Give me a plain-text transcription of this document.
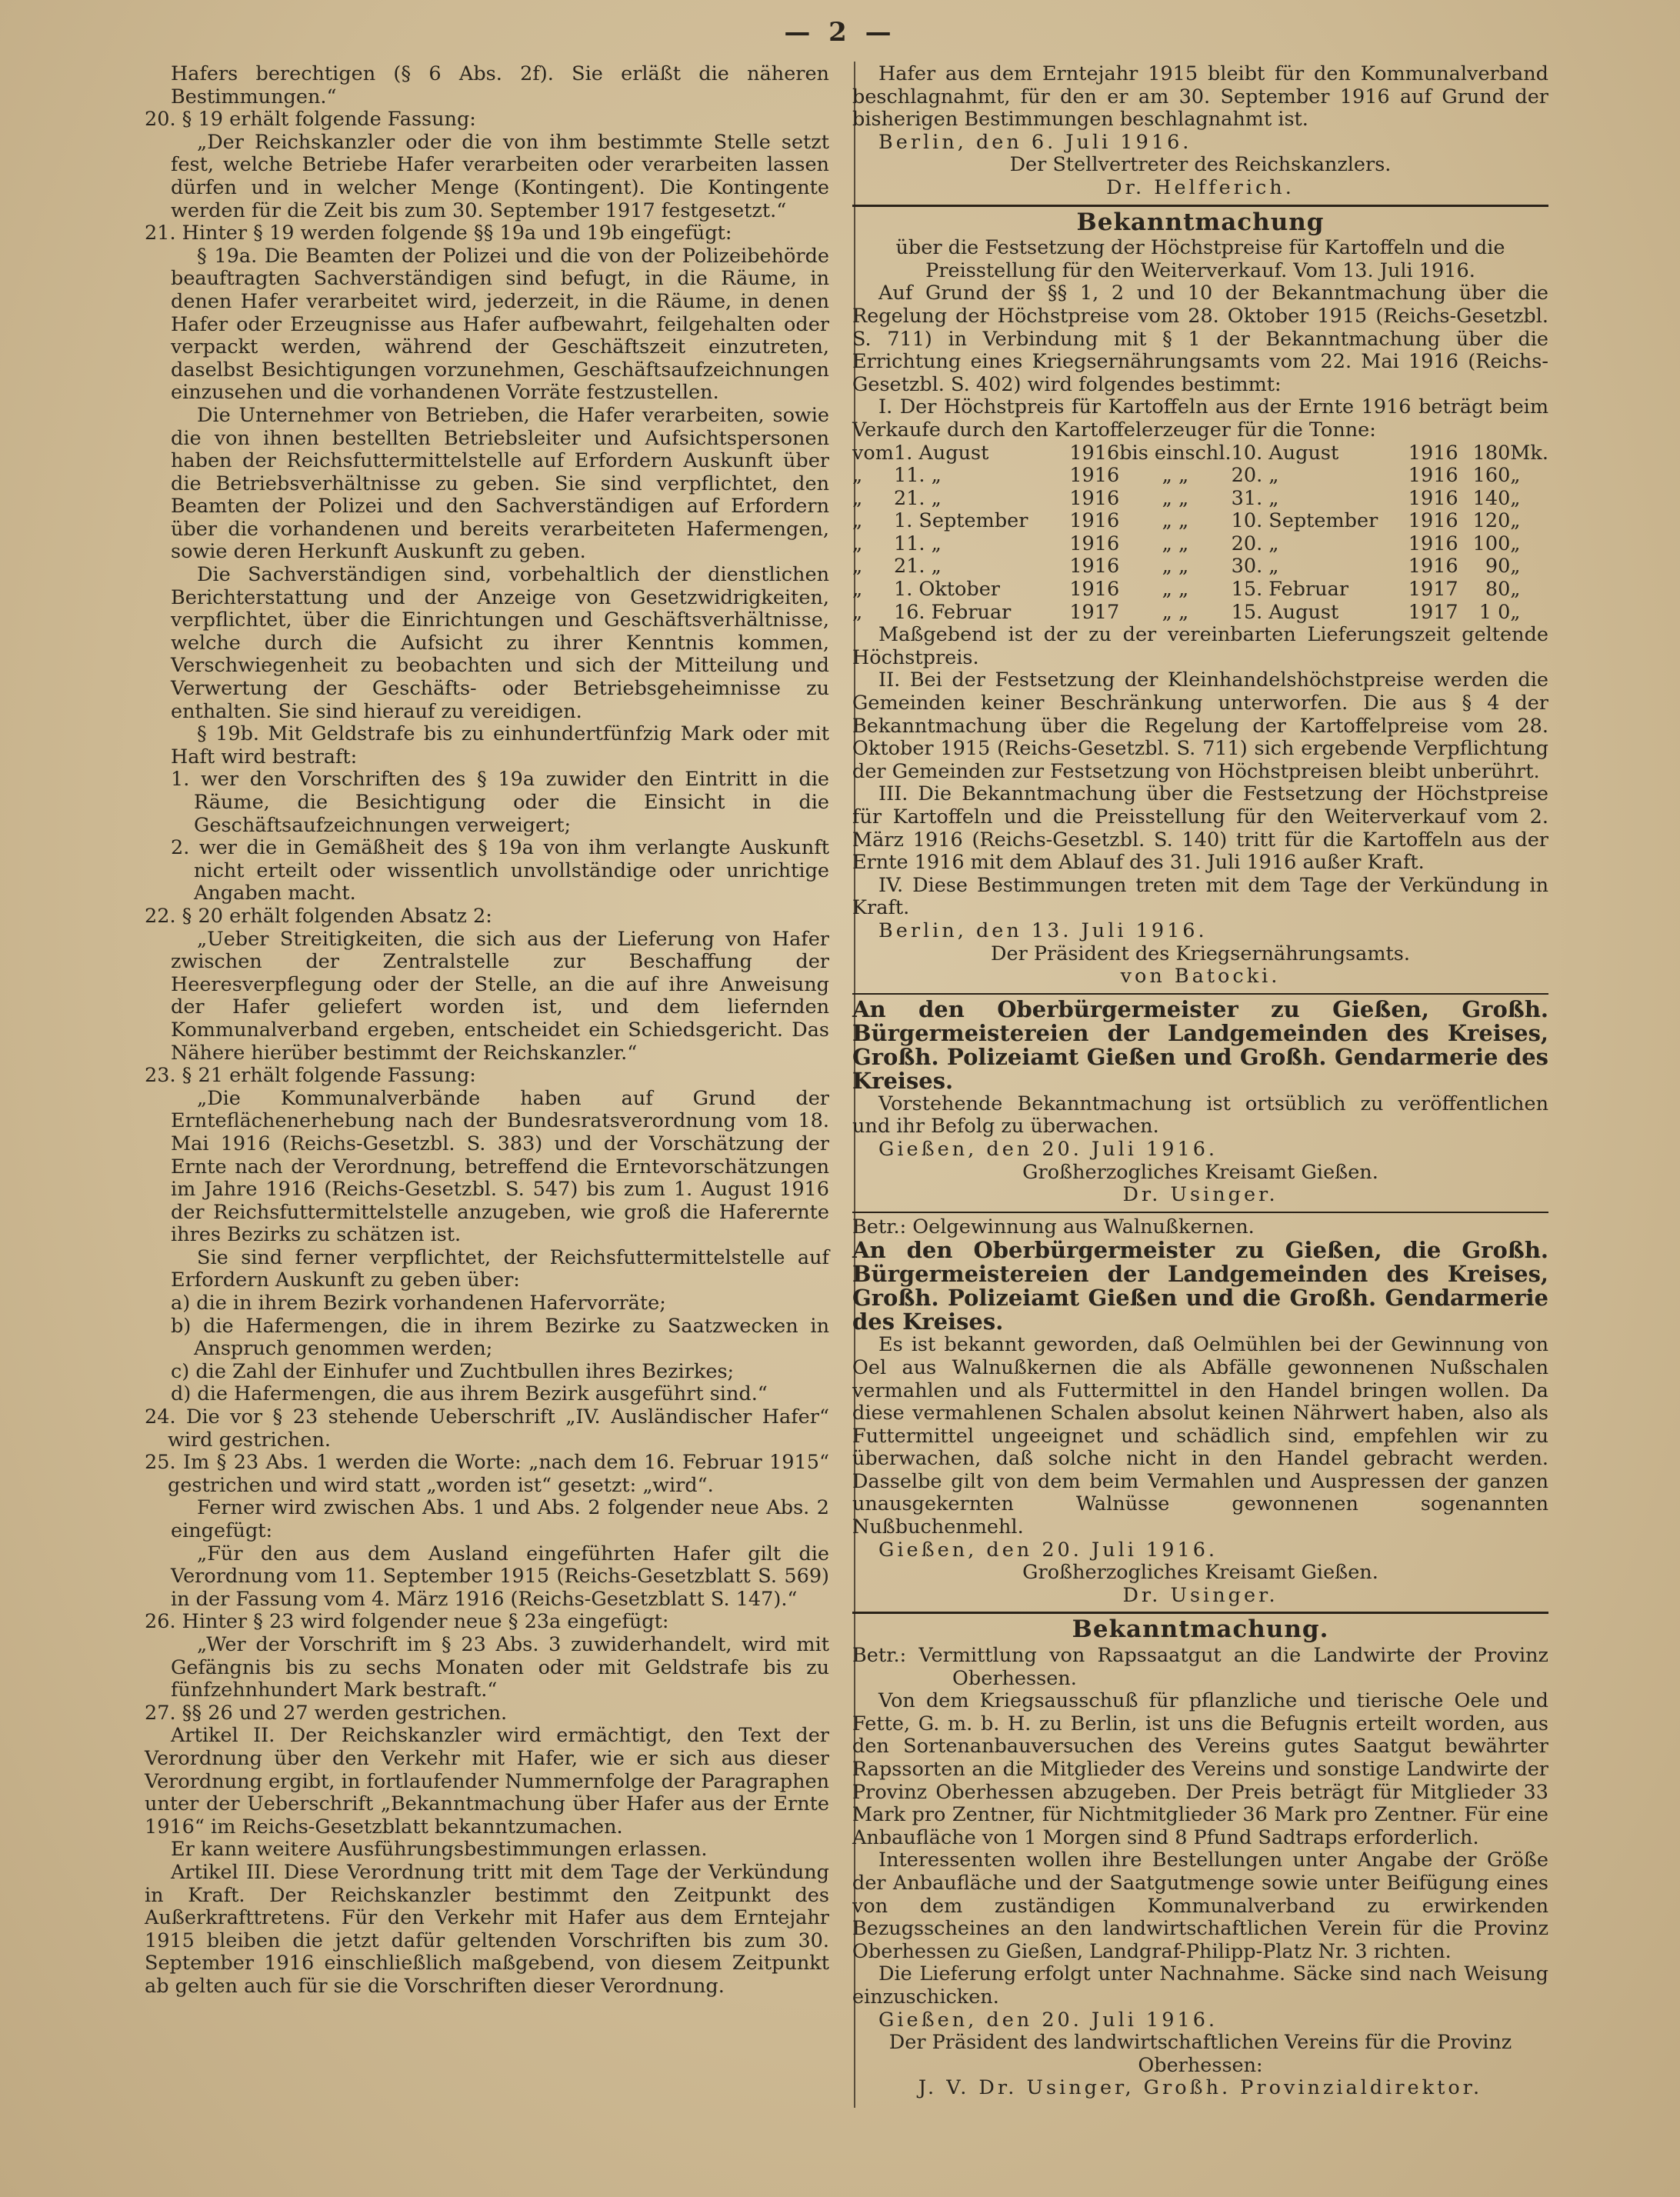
— 2 —

Hafers berechtigen (§ 6 Abs. 2f). Sie erläßt die näheren Bestimmungen.“

20. § 19 erhält folgende Fassung:

„Der Reichskanzler oder die von ihm bestimmte Stelle setzt fest, welche Betriebe Hafer verarbeiten oder verarbeiten lassen dürfen und in welcher Menge (Kontingent). Die Kontingente werden für die Zeit bis zum 30. September 1917 festgesetzt.“

21. Hinter § 19 werden folgende §§ 19a und 19b eingefügt:

§ 19a. Die Beamten der Polizei und die von der Polizeibehörde beauftragten Sachverständigen sind befugt, in die Räume, in denen Hafer verarbeitet wird, jederzeit, in die Räume, in denen Hafer oder Erzeugnisse aus Hafer aufbewahrt, feilgehalten oder verpackt werden, während der Geschäftszeit einzutreten, daselbst Besichtigungen vorzunehmen, Geschäftsaufzeichnungen einzusehen und die vorhandenen Vorräte festzustellen.

Die Unternehmer von Betrieben, die Hafer verarbeiten, sowie die von ihnen bestellten Betriebsleiter und Aufsichtspersonen haben der Reichsfuttermittelstelle auf Erfordern Auskunft über die Betriebsverhältnisse zu geben. Sie sind verpflichtet, den Beamten der Polizei und den Sachverständigen auf Erfordern über die vorhandenen und bereits verarbeiteten Hafermengen, sowie deren Herkunft Auskunft zu geben.

Die Sachverständigen sind, vorbehaltlich der dienstlichen Berichterstattung und der Anzeige von Gesetzwidrigkeiten, verpflichtet, über die Einrichtungen und Geschäftsverhältnisse, welche durch die Aufsicht zu ihrer Kenntnis kommen, Verschwiegenheit zu beobachten und sich der Mitteilung und Verwertung der Geschäfts- oder Betriebsgeheimnisse zu enthalten. Sie sind hierauf zu vereidigen.

§ 19b. Mit Geldstrafe bis zu einhundertfünfzig Mark oder mit Haft wird bestraft:

1. wer den Vorschriften des § 19a zuwider den Eintritt in die Räume, die Besichtigung oder die Einsicht in die Geschäftsaufzeichnungen verweigert;

2. wer die in Gemäßheit des § 19a von ihm verlangte Auskunft nicht erteilt oder wissentlich unvollständige oder unrichtige Angaben macht.

22. § 20 erhält folgenden Absatz 2:

„Ueber Streitigkeiten, die sich aus der Lieferung von Hafer zwischen der Zentralstelle zur Beschaffung der Heeresverpflegung oder der Stelle, an die auf ihre Anweisung der Hafer geliefert worden ist, und dem liefernden Kommunalverband ergeben, entscheidet ein Schiedsgericht. Das Nähere hierüber bestimmt der Reichskanzler.“

23. § 21 erhält folgende Fassung:

„Die Kommunalverbände haben auf Grund der Ernteflächenerhebung nach der Bundesratsverordnung vom 18. Mai 1916 (Reichs-Gesetzbl. S. 383) und der Vorschätzung der Ernte nach der Verordnung, betreffend die Erntevorschätzungen im Jahre 1916 (Reichs-Gesetzbl. S. 547) bis zum 1. August 1916 der Reichsfuttermittelstelle anzugeben, wie groß die Haferernte ihres Bezirks zu schätzen ist.

Sie sind ferner verpflichtet, der Reichsfuttermittelstelle auf Erfordern Auskunft zu geben über:

a) die in ihrem Bezirk vorhandenen Hafervorräte;

b) die Hafermengen, die in ihrem Bezirke zu Saatzwecken in Anspruch genommen werden;

c) die Zahl der Einhufer und Zuchtbullen ihres Bezirkes;

d) die Hafermengen, die aus ihrem Bezirk ausgeführt sind.“

24. Die vor § 23 stehende Ueberschrift „IV. Ausländischer Hafer“ wird gestrichen.

25. Im § 23 Abs. 1 werden die Worte: „nach dem 16. Februar 1915“ gestrichen und wird statt „worden ist“ gesetzt: „wird“.

Ferner wird zwischen Abs. 1 und Abs. 2 folgender neue Abs. 2 eingefügt:

„Für den aus dem Ausland eingeführten Hafer gilt die Verordnung vom 11. September 1915 (Reichs-Gesetzblatt S. 569) in der Fassung vom 4. März 1916 (Reichs-Gesetzblatt S. 147).“

26. Hinter § 23 wird folgender neue § 23a eingefügt:

„Wer der Vorschrift im § 23 Abs. 3 zuwiderhandelt, wird mit Gefängnis bis zu sechs Monaten oder mit Geldstrafe bis zu fünfzehnhundert Mark bestraft.“

27. §§ 26 und 27 werden gestrichen.

Artikel II. Der Reichskanzler wird ermächtigt, den Text der Verordnung über den Verkehr mit Hafer, wie er sich aus dieser Verordnung ergibt, in fortlaufender Nummernfolge der Paragraphen unter der Ueberschrift „Bekanntmachung über Hafer aus der Ernte 1916“ im Reichs-Gesetzblatt bekanntzumachen.

Er kann weitere Ausführungsbestimmungen erlassen.

Artikel III. Diese Verordnung tritt mit dem Tage der Verkündung in Kraft. Der Reichskanzler bestimmt den Zeitpunkt des Außerkrafttretens. Für den Verkehr mit Hafer aus dem Erntejahr 1915 bleiben die jetzt dafür geltenden Vorschriften bis zum 30. September 1916 einschließlich maßgebend, von diesem Zeitpunkt ab gelten auch für sie die Vorschriften dieser Verordnung.

Hafer aus dem Erntejahr 1915 bleibt für den Kommunalverband beschlagnahmt, für den er am 30. September 1916 auf Grund der bisherigen Bestimmungen beschlagnahmt ist.

Berlin, den 6. Juli 1916.

Der Stellvertreter des Reichskanzlers.

Dr. Helfferich.

Bekanntmachung

über die Festsetzung der Höchstpreise für Kartoffeln und die Preisstellung für den Weiterverkauf. Vom 13. Juli 1916.

Auf Grund der §§ 1, 2 und 10 der Bekanntmachung über die Regelung der Höchstpreise vom 28. Oktober 1915 (Reichs-Gesetzbl. S. 711) in Verbindung mit § 1 der Bekanntmachung über die Errichtung eines Kriegsernährungsamts vom 22. Mai 1916 (Reichs-Gesetzbl. S. 402) wird folgendes bestimmt:

I. Der Höchstpreis für Kartoffeln aus der Ernte 1916 beträgt beim Verkaufe durch den Kartoffelerzeuger für die Tonne:

vom	1. August	1916	bis einschl.	10. August	1916	180	Mk.
„	11. „	1916	„ „	20. „	1916	160	„
„	21. „	1916	„ „	31. „	1916	140	„
„	1. September	1916	„ „	10. September	1916	120	„
„	11. „	1916	„ „	20. „	1916	100	„
„	21. „	1916	„ „	30. „	1916	90	„
„	1. Oktober	1916	„ „	15. Februar	1917	80	„
„	16. Februar	1917	„ „	15. August	1917	1 0	„

Maßgebend ist der zu der vereinbarten Lieferungszeit geltende Höchstpreis.

II. Bei der Festsetzung der Kleinhandelshöchstpreise werden die Gemeinden keiner Beschränkung unterworfen. Die aus § 4 der Bekanntmachung über die Regelung der Kartoffelpreise vom 28. Oktober 1915 (Reichs-Gesetzbl. S. 711) sich ergebende Verpflichtung der Gemeinden zur Festsetzung von Höchstpreisen bleibt unberührt.

III. Die Bekanntmachung über die Festsetzung der Höchstpreise für Kartoffeln und die Preisstellung für den Weiterverkauf vom 2. März 1916 (Reichs-Gesetzbl. S. 140) tritt für die Kartoffeln aus der Ernte 1916 mit dem Ablauf des 31. Juli 1916 außer Kraft.

IV. Diese Bestimmungen treten mit dem Tage der Verkündung in Kraft.

Berlin, den 13. Juli 1916.

Der Präsident des Kriegsernährungsamts.

von Batocki.

An den Oberbürgermeister zu Gießen, Großh. Bürgermeistereien der Landgemeinden des Kreises, Großh. Polizeiamt Gießen und Großh. Gendarmerie des Kreises.

Vorstehende Bekanntmachung ist ortsüblich zu veröffentlichen und ihr Befolg zu überwachen.

Gießen, den 20. Juli 1916.

Großherzogliches Kreisamt Gießen.

Dr. Usinger.

Betr.: Oelgewinnung aus Walnußkernen.

An den Oberbürgermeister zu Gießen, die Großh. Bürgermeistereien der Landgemeinden des Kreises, Großh. Polizeiamt Gießen und die Großh. Gendarmerie des Kreises.

Es ist bekannt geworden, daß Oelmühlen bei der Gewinnung von Oel aus Walnußkernen die als Abfälle gewonnenen Nußschalen vermahlen und als Futtermittel in den Handel bringen wollen. Da diese vermahlenen Schalen absolut keinen Nährwert haben, also als Futtermittel ungeeignet und schädlich sind, empfehlen wir zu überwachen, daß solche nicht in den Handel gebracht werden. Dasselbe gilt von dem beim Vermahlen und Auspressen der ganzen unausgekernten Walnüsse gewonnenen sogenannten Nußbuchenmehl.

Gießen, den 20. Juli 1916.

Großherzogliches Kreisamt Gießen.

Dr. Usinger.

Bekanntmachung.

Betr.: Vermittlung von Rapssaatgut an die Landwirte der Provinz Oberhessen.

Von dem Kriegsausschuß für pflanzliche und tierische Oele und Fette, G. m. b. H. zu Berlin, ist uns die Befugnis erteilt worden, aus den Sortenanbauversuchen des Vereins gutes Saatgut bewährter Rapssorten an die Mitglieder des Vereins und sonstige Landwirte der Provinz Oberhessen abzugeben. Der Preis beträgt für Mitglieder 33 Mark pro Zentner, für Nichtmitglieder 36 Mark pro Zentner. Für eine Anbaufläche von 1 Morgen sind 8 Pfund Sadtraps erforderlich.

Interessenten wollen ihre Bestellungen unter Angabe der Größe der Anbaufläche und der Saatgutmenge sowie unter Beifügung eines von dem zuständigen Kommunalverband zu erwirkenden Bezugsscheines an den landwirtschaftlichen Verein für die Provinz Oberhessen zu Gießen, Landgraf-Philipp-Platz Nr. 3 richten.

Die Lieferung erfolgt unter Nachnahme. Säcke sind nach Weisung einzuschicken.

Gießen, den 20. Juli 1916.

Der Präsident des landwirtschaftlichen Vereins für die Provinz Oberhessen:

J. V. Dr. Usinger, Großh. Provinzialdirektor.
